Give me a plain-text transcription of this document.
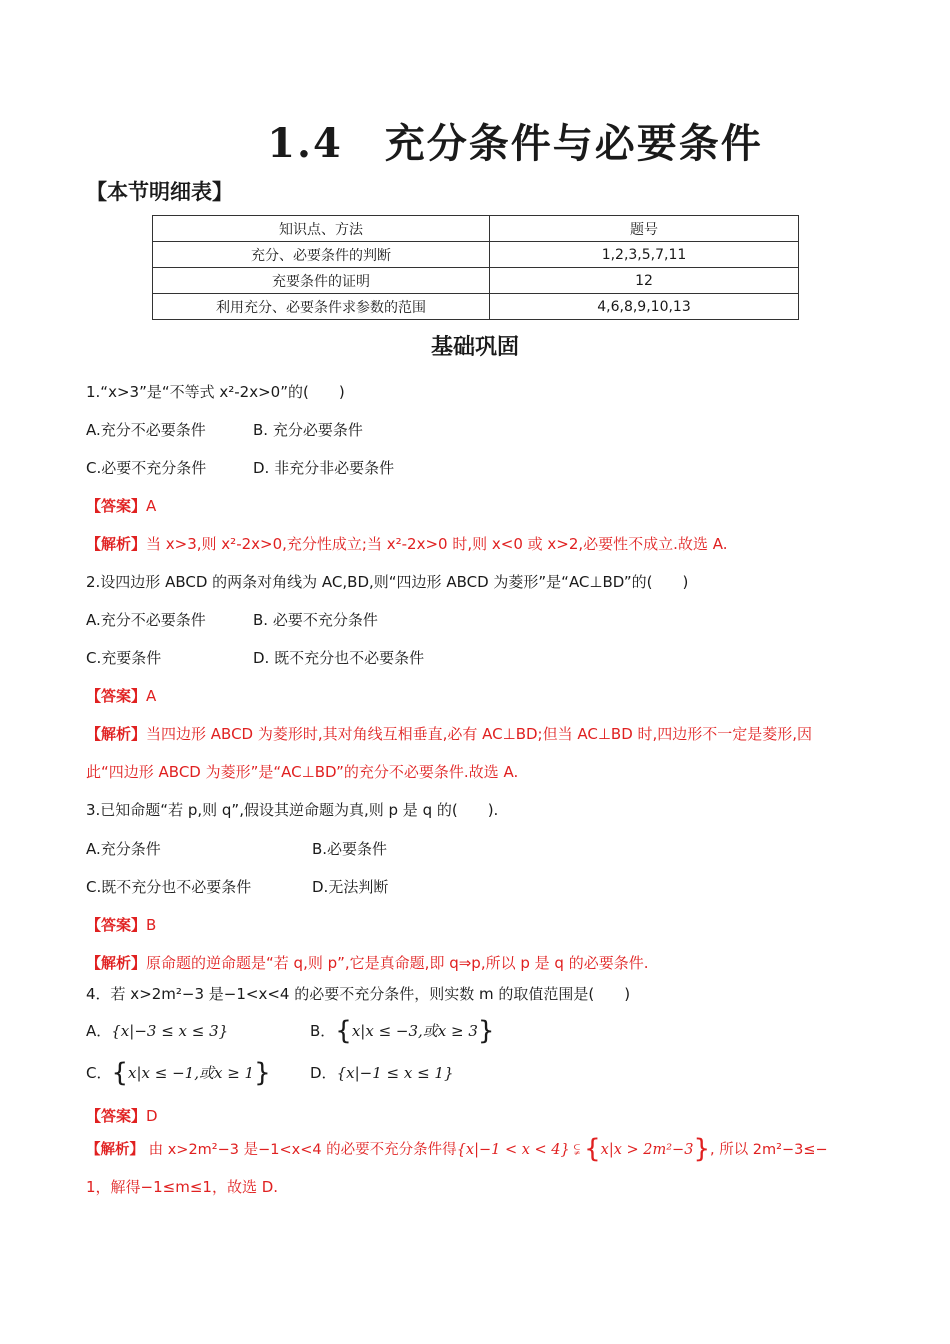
1.4　充分条件与必要条件
【本节明细表】
知识点、方法	题号
充分、必要条件的判断	1,2,3,5,7,11
充要条件的证明	12
利用充分、必要条件求参数的范围	4,6,8,9,10,13
基础巩固
1.“x>3”是“不等式 x²-2x>0”的(　　)
A.充分不必要条件	B. 充分必要条件
C.必要不充分条件	D. 非充分非必要条件
【答案】A
【解析】当 x>3,则 x²-2x>0,充分性成立;当 x²-2x>0 时,则 x<0 或 x>2,必要性不成立.故选 A.
2.设四边形 ABCD 的两条对角线为 AC,BD,则“四边形 ABCD 为菱形”是“AC⊥BD”的(　　)
A.充分不必要条件	B. 必要不充分条件
C.充要条件	D. 既不充分也不必要条件
【答案】A
【解析】当四边形 ABCD 为菱形时,其对角线互相垂直,必有 AC⊥BD;但当 AC⊥BD 时,四边形不一定是菱形,因
此“四边形 ABCD 为菱形”是“AC⊥BD”的充分不必要条件.故选 A.
3.已知命题“若 p,则 q”,假设其逆命题为真,则 p 是 q 的(　　).
A.充分条件	B.必要条件
C.既不充分也不必要条件	D.无法判断
【答案】B
【解析】原命题的逆命题是“若 q,则 p”,它是真命题,即 q⇒p,所以 p 是 q 的必要条件.
4．若 x>2m²−3 是−1<x<4 的必要不充分条件，则实数 m 的取值范围是(　　)
A．{x|−3 ≤ x ≤ 3}	B．{x|x ≤ −3,或x ≥ 3}
C．{x|x ≤ −1,或x ≥ 1}	D．{x|−1 ≤ x ≤ 1}
【答案】D
【解析】 由 x>2m²−3 是−1<x<4 的必要不充分条件得{x|−1 < x < 4} ⫋ {x|x > 2m²−3}, 所以 2m²−3≤−
1，解得−1≤m≤1，故选 D.
